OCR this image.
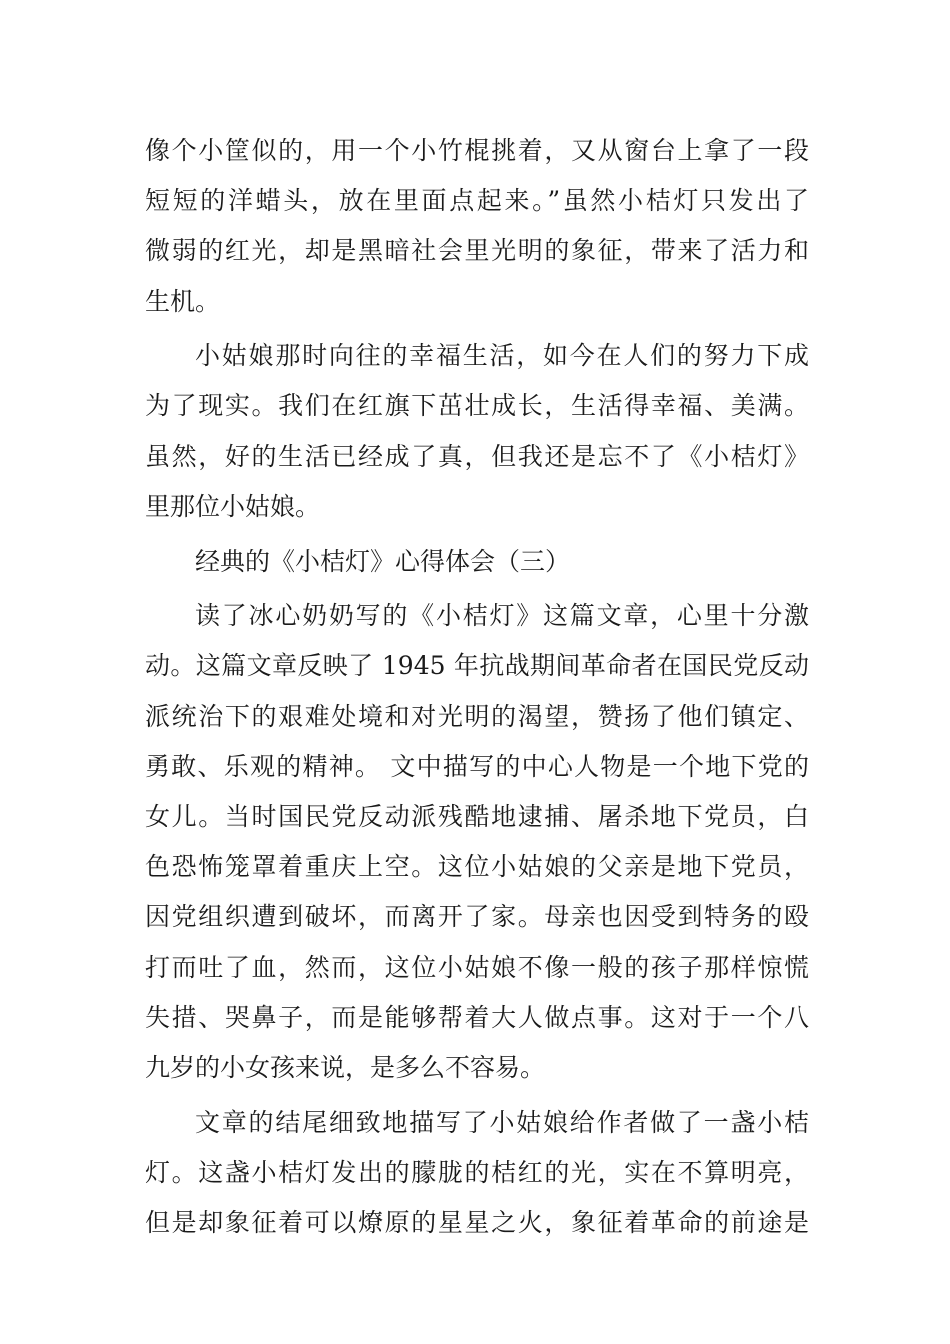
像个小筐似的，用一个小竹棍挑着，又从窗台上拿了一段
短短的洋蜡头，放在里面点起来。”虽然小桔灯只发出了
微弱的红光，却是黑暗社会里光明的象征，带来了活力和
生机。
小姑娘那时向往的幸福生活，如今在人们的努力下成
为了现实。我们在红旗下茁壮成长，生活得幸福、美满。
虽然，好的生活已经成了真，但我还是忘不了《小桔灯》
里那位小姑娘。
经典的《小桔灯》心得体会（三）
读了冰心奶奶写的《小桔灯》这篇文章，心里十分激
动。这篇文章反映了 1945 年抗战期间革命者在国民党反动
派统治下的艰难处境和对光明的渴望，赞扬了他们镇定、
勇敢、乐观的精神。 文中描写的中心人物是一个地下党的
女儿。当时国民党反动派残酷地逮捕、屠杀地下党员，白
色恐怖笼罩着重庆上空。这位小姑娘的父亲是地下党员，
因党组织遭到破坏，而离开了家。母亲也因受到特务的殴
打而吐了血，然而，这位小姑娘不像一般的孩子那样惊慌
失措、哭鼻子，而是能够帮着大人做点事。这对于一个八
九岁的小女孩来说，是多么不容易。
文章的结尾细致地描写了小姑娘给作者做了一盏小桔
灯。这盏小桔灯发出的朦胧的桔红的光，实在不算明亮，
但是却象征着可以燎原的星星之火，象征着革命的前途是
